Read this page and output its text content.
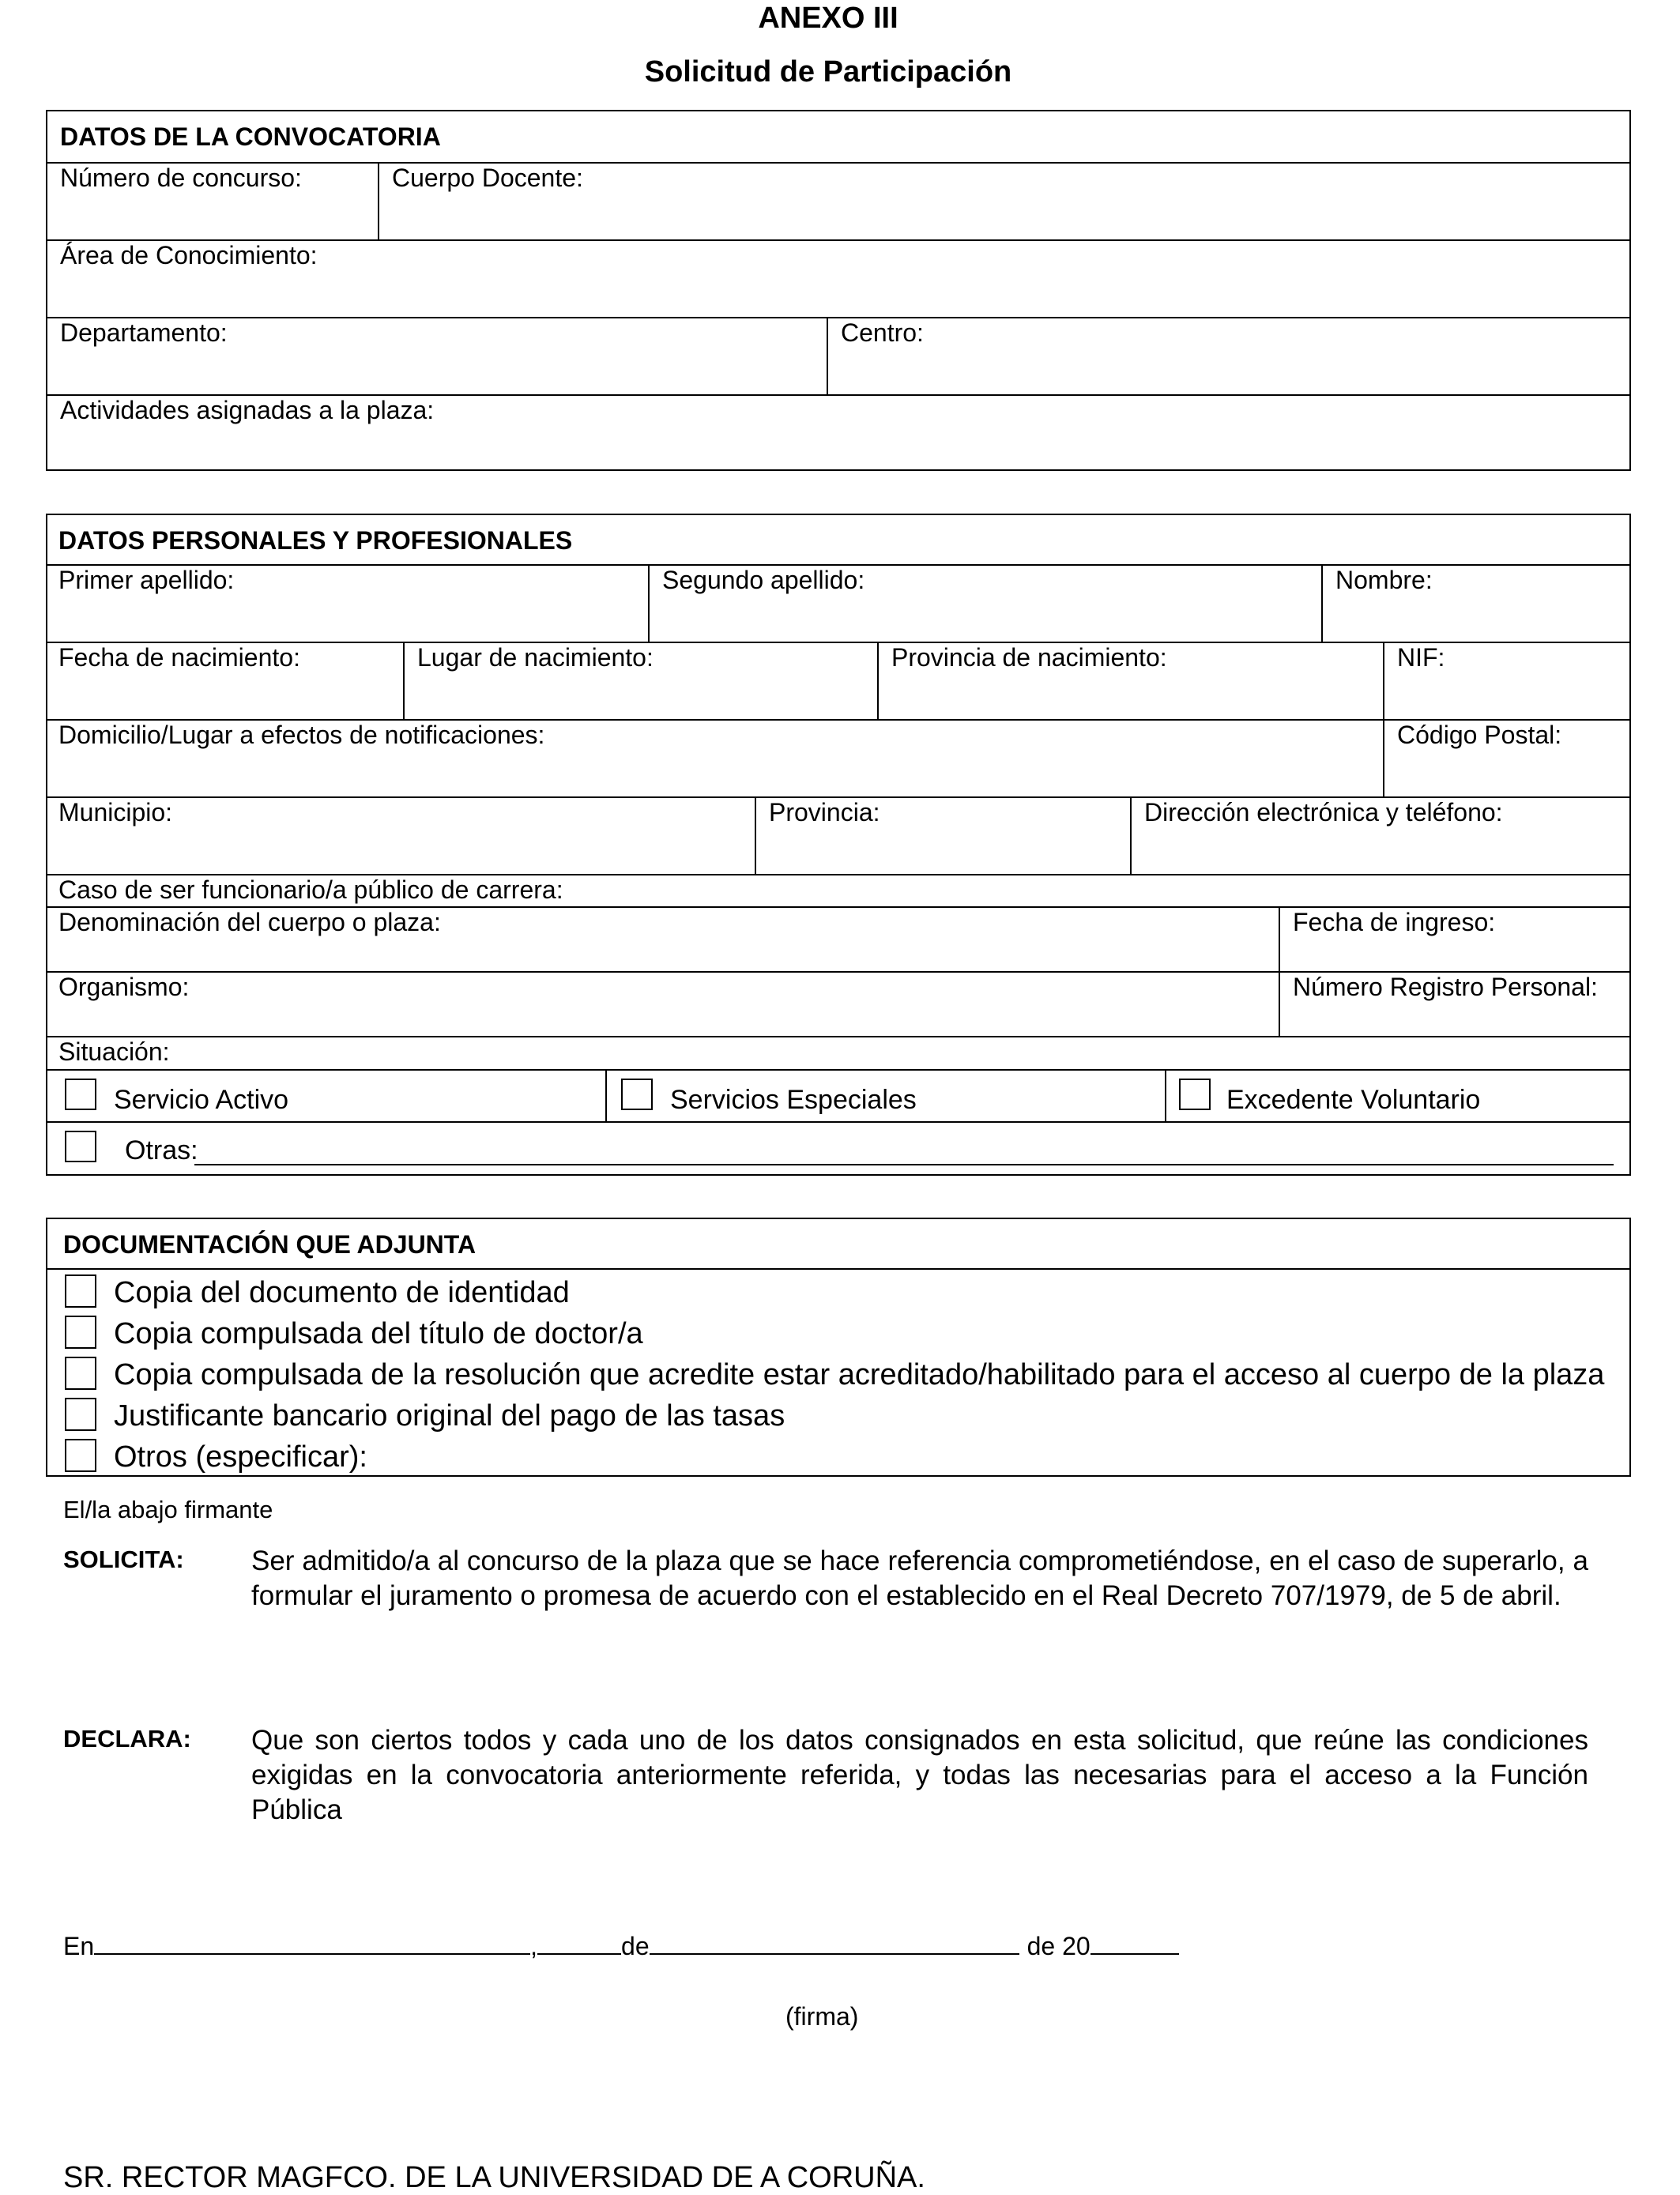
ANEXO III
Solicitud de Participación
DATOS DE LA CONVOCATORIA
Número de concurso:	Cuerpo Docente:
Área de Conocimiento:
Departamento:	Centro:
Actividades asignadas a la plaza:
DATOS PERSONALES Y PROFESIONALES
Primer apellido:	Segundo apellido:	Nombre:
Fecha de nacimiento:	Lugar de nacimiento:	Provincia de nacimiento:	NIF:
Domicilio/Lugar a efectos de notificaciones:	Código Postal:
Municipio:	Provincia:	Dirección electrónica y teléfono:
Caso de ser funcionario/a público de carrera:
Denominación del cuerpo o plaza:	Fecha de ingreso:
Organismo:	Número Registro Personal:
Situación:
Servicio Activo	Servicios Especiales	Excedente Voluntario
Otras:
DOCUMENTACIÓN QUE ADJUNTA
Copia del documento de identidad
Copia compulsada del título de doctor/a
Copia compulsada de la resolución que acredite estar acreditado/habilitado para el acceso al cuerpo de la plaza
Justificante bancario original del pago de las tasas
Otros (especificar):
El/la abajo firmante
SOLICITA: Ser admitido/a al concurso de la plaza que se hace referencia comprometiéndose, en el caso de superarlo, a formular el juramento o promesa de acuerdo con el establecido en el Real Decreto 707/1979, de 5 de abril.
DECLARA: Que son ciertos todos y cada uno de los datos consignados en esta solicitud, que reúne las condiciones exigidas en la convocatoria anteriormente referida, y todas las necesarias para el acceso a la Función Pública
En	,	de	de 20
(firma)
SR. RECTOR MAGFCO. DE LA UNIVERSIDAD DE A CORUÑA.
